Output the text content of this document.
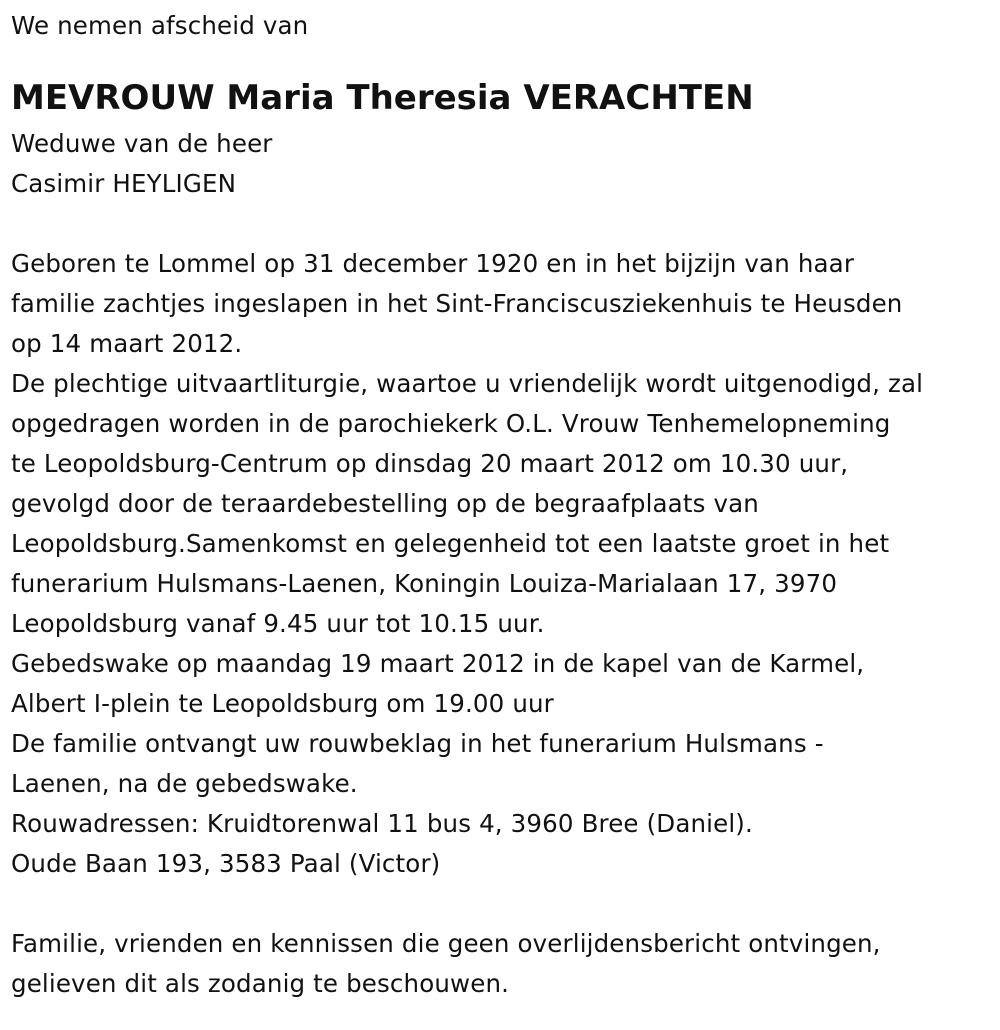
We nemen afscheid van
MEVROUW Maria Theresia VERACHTEN
Weduwe van de heer
Casimir HEYLIGEN
Geboren te Lommel op 31 december 1920 en in het bijzijn van haar
familie zachtjes ingeslapen in het Sint-Franciscusziekenhuis te Heusden
op 14 maart 2012.
De plechtige uitvaartliturgie, waartoe u vriendelijk wordt uitgenodigd, zal
opgedragen worden in de parochiekerk O.L. Vrouw Tenhemelopneming
te Leopoldsburg-Centrum op dinsdag 20 maart 2012 om 10.30 uur,
gevolgd door de teraardebestelling op de begraafplaats van
Leopoldsburg.Samenkomst en gelegenheid tot een laatste groet in het
funerarium Hulsmans-Laenen, Koningin Louiza-Marialaan 17, 3970
Leopoldsburg vanaf 9.45 uur tot 10.15 uur.
Gebedswake op maandag 19 maart 2012 in de kapel van de Karmel,
Albert I-plein te Leopoldsburg om 19.00 uur
De familie ontvangt uw rouwbeklag in het funerarium Hulsmans -
Laenen, na de gebedswake.
Rouwadressen: Kruidtorenwal 11 bus 4, 3960 Bree (Daniel).
Oude Baan 193, 3583 Paal (Victor)
Familie, vrienden en kennissen die geen overlijdensbericht ontvingen,
gelieven dit als zodanig te beschouwen.
